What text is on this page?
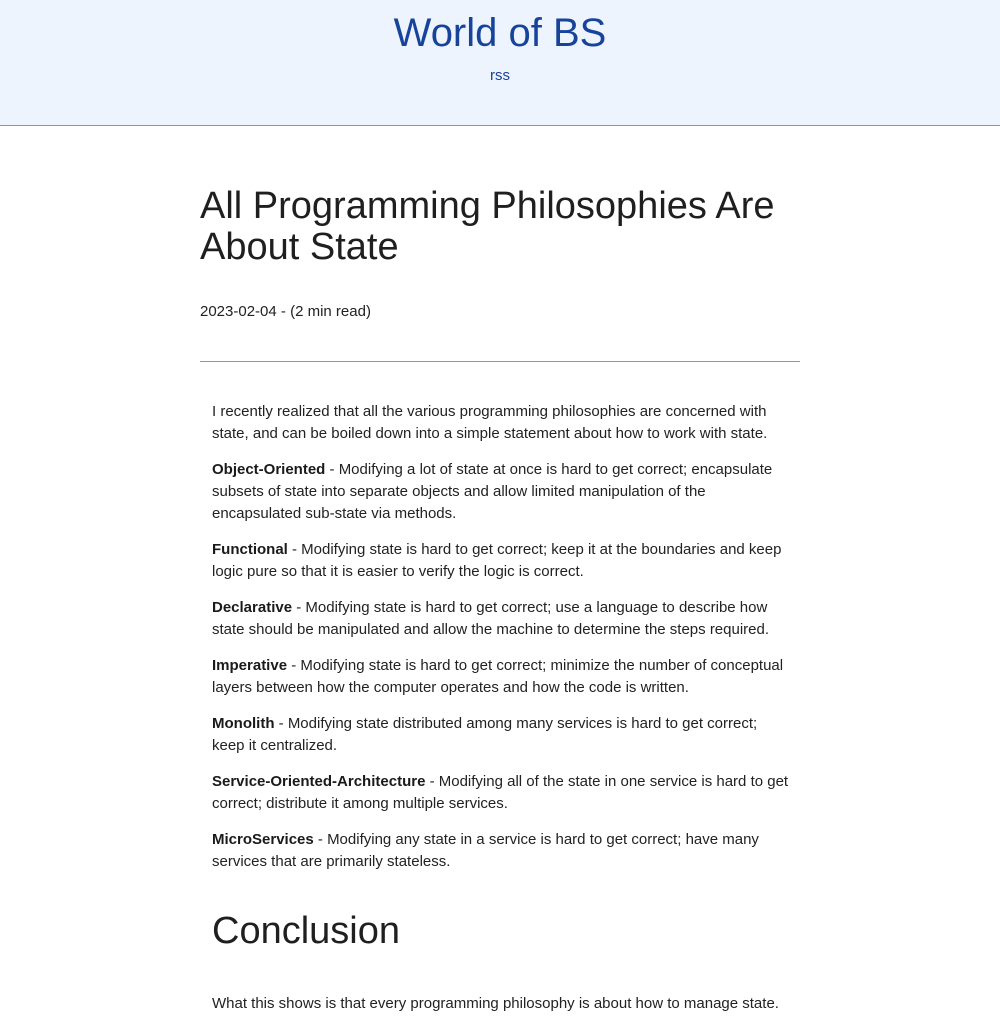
World of BS
rss
All Programming Philosophies Are About State
2023-02-04 - (2 min read)

I recently realized that all the various programming philosophies are concerned with state, and can be boiled down into a simple statement about how to work with state.

Object-Oriented - Modifying a lot of state at once is hard to get correct; encapsulate subsets of state into separate objects and allow limited manipulation of the encapsulated sub-state via methods.

Functional - Modifying state is hard to get correct; keep it at the boundaries and keep logic pure so that it is easier to verify the logic is correct.

Declarative - Modifying state is hard to get correct; use a language to describe how state should be manipulated and allow the machine to determine the steps required.

Imperative - Modifying state is hard to get correct; minimize the number of conceptual layers between how the computer operates and how the code is written.

Monolith - Modifying state distributed among many services is hard to get correct; keep it centralized.

Service-Oriented-Architecture - Modifying all of the state in one service is hard to get correct; distribute it among multiple services.

MicroServices - Modifying any state in a service is hard to get correct; have many services that are primarily stateless.

Conclusion

What this shows is that every programming philosophy is about how to manage state.
